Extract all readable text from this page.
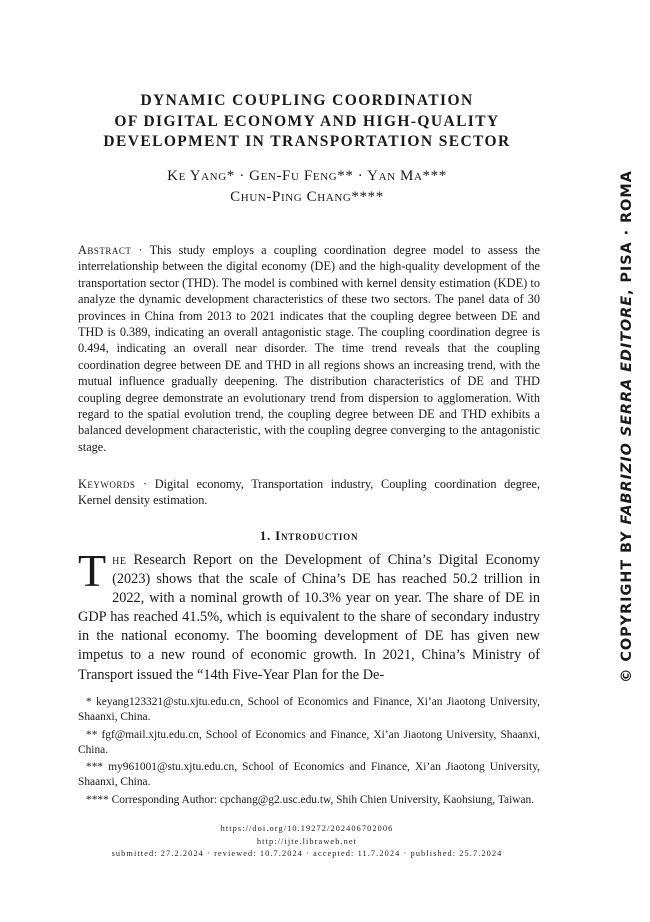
DYNAMIC COUPLING COORDINATION
OF DIGITAL ECONOMY AND HIGH-QUALITY
DEVELOPMENT IN TRANSPORTATION SECTOR
Ke Yang* · Gen-Fu Feng** · Yan Ma***
Chun-Ping Chang****

Abstract · This study employs a coupling coordination degree model to assess the interrelationship between the digital economy (DE) and the high-quality development of the transportation sector (THD). The model is combined with kernel density estimation (KDE) to analyze the dynamic development characteristics of these two sectors. The panel data of 30 provinces in China from 2013 to 2021 indicates that the coupling degree between DE and THD is 0.389, indicating an overall antagonistic stage. The coupling coordination degree is 0.494, indicating an overall near disorder. The time trend reveals that the coupling coordination degree between DE and THD in all regions shows an increasing trend, with the mutual influence gradually deepening. The distribution characteristics of DE and THD coupling degree demonstrate an evolutionary trend from dispersion to agglomeration. With regard to the spatial evolution trend, the coupling degree between DE and THD exhibits a balanced development characteristic, with the coupling degree converging to the antagonistic stage.

Keywords · Digital economy, Transportation industry, Coupling coordination degree, Kernel density estimation.

1. Introduction

The Research Report on the Development of China’s Digital Economy (2023) shows that the scale of China’s DE has reached 50.2 trillion in 2022, with a nominal growth of 10.3% year on year. The share of DE in GDP has reached 41.5%, which is equivalent to the share of secondary industry in the national economy. The booming development of DE has given new impetus to a new round of economic growth. In 2021, China’s Ministry of Transport issued the “14th Five-Year Plan for the De-

* keyang123321@stu.xjtu.edu.cn, School of Economics and Finance, Xi’an Jiaotong University, Shaanxi, China.

** fgf@mail.xjtu.edu.cn, School of Economics and Finance, Xi’an Jiaotong University, Shaanxi, China.

*** my961001@stu.xjtu.edu.cn, School of Economics and Finance, Xi’an Jiaotong University, Shaanxi, China.

**** Corresponding Author: cpchang@g2.usc.edu.tw, Shih Chien University, Kaohsiung, Taiwan.

https://doi.org/10.19272/202406702006
http://ijte.libraweb.net
submitted: 27.2.2024 · reviewed: 10.7.2024 · accepted: 11.7.2024 · published: 25.7.2024
© COPYRIGHT BY FABRIZIO SERRA EDITORE, PISA · ROMA
